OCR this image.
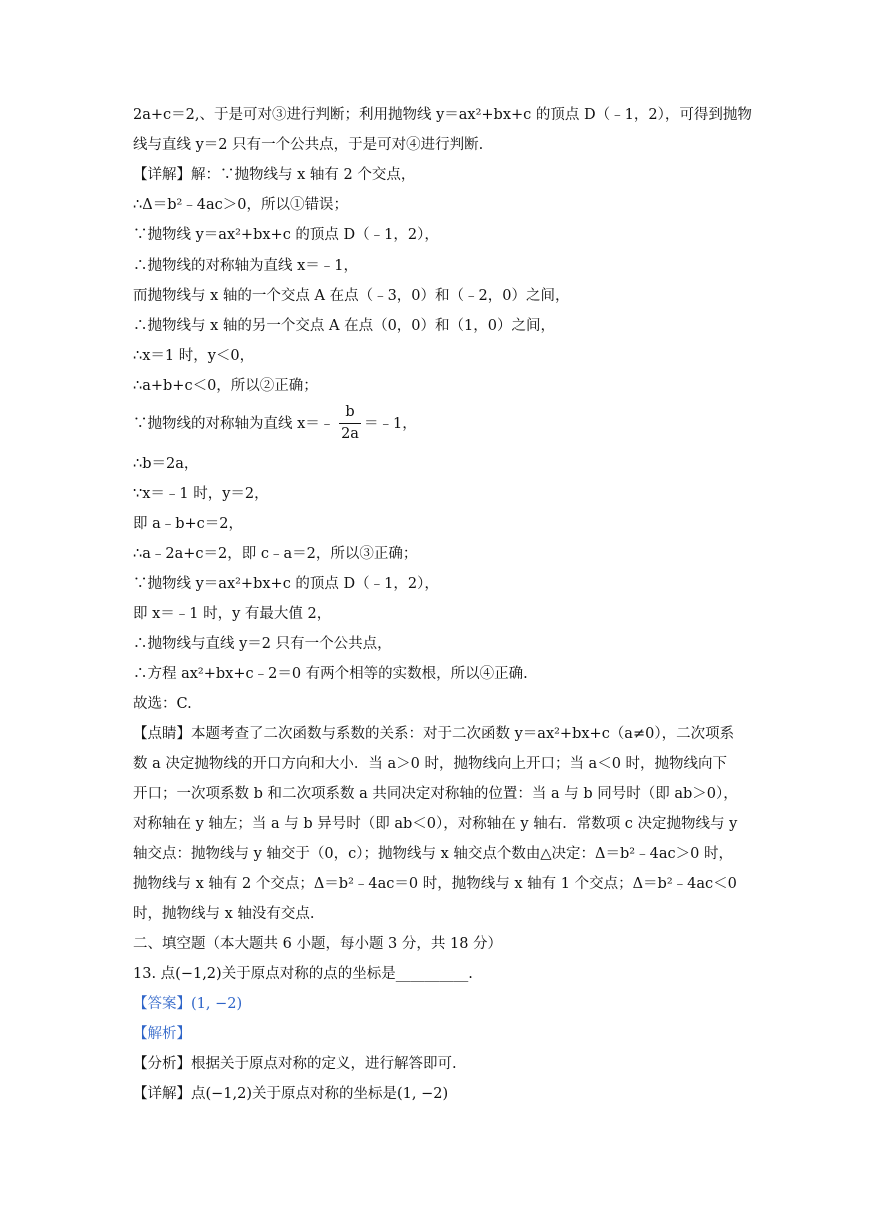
2a+c＝2,、于是可对③进行判断；利用抛物线 y＝ax²+bx+c 的顶点 D（﹣1，2），可得到抛物
线与直线 y＝2 只有一个公共点，于是可对④进行判断.
【详解】解：∵抛物线与 x 轴有 2 个交点，
∴Δ＝b²﹣4ac＞0，所以①错误；
∵抛物线 y＝ax²+bx+c 的顶点 D（﹣1，2），
∴抛物线的对称轴为直线 x＝﹣1，
而抛物线与 x 轴的一个交点 A 在点（﹣3，0）和（﹣2，0）之间，
∴抛物线与 x 轴的另一个交点 A 在点（0，0）和（1，0）之间，
∴x＝1 时，y＜0，
∴a+b+c＜0，所以②正确；
∵抛物线的对称轴为直线 x＝﹣
b
2a
＝﹣1，
∴b＝2a，
∵x＝﹣1 时，y＝2，
即 a﹣b+c＝2，
∴a﹣2a+c＝2，即 c﹣a＝2，所以③正确；
∵抛物线 y＝ax²+bx+c 的顶点 D（﹣1，2），
即 x＝﹣1 时，y 有最大值 2，
∴抛物线与直线 y＝2 只有一个公共点，
∴方程 ax²+bx+c﹣2＝0 有两个相等的实数根，所以④正确.
故选：C.
【点睛】本题考查了二次函数与系数的关系：对于二次函数 y＝ax²+bx+c（a≠0），二次项系
数 a 决定抛物线的开口方向和大小．当 a＞0 时，抛物线向上开口；当 a＜0 时，抛物线向下
开口；一次项系数 b 和二次项系数 a 共同决定对称轴的位置：当 a 与 b 同号时（即 ab＞0），
对称轴在 y 轴左；当 a 与 b 异号时（即 ab＜0），对称轴在 y 轴右．常数项 c 决定抛物线与 y
轴交点：抛物线与 y 轴交于（0，c）；抛物线与 x 轴交点个数由△决定：Δ＝b²﹣4ac＞0 时，
抛物线与 x 轴有 2 个交点；Δ＝b²﹣4ac＝0 时，抛物线与 x 轴有 1 个交点；Δ＝b²﹣4ac＜0
时，抛物线与 x 轴没有交点.
二、填空题（本大题共 6 小题，每小题 3 分，共 18 分）
13. 点(−1,2)关于原点对称的点的坐标是__________.
【答案】(1, −2)
【解析】
【分析】根据关于原点对称的定义，进行解答即可.
【详解】点(−1,2)关于原点对称的坐标是(1, −2)
